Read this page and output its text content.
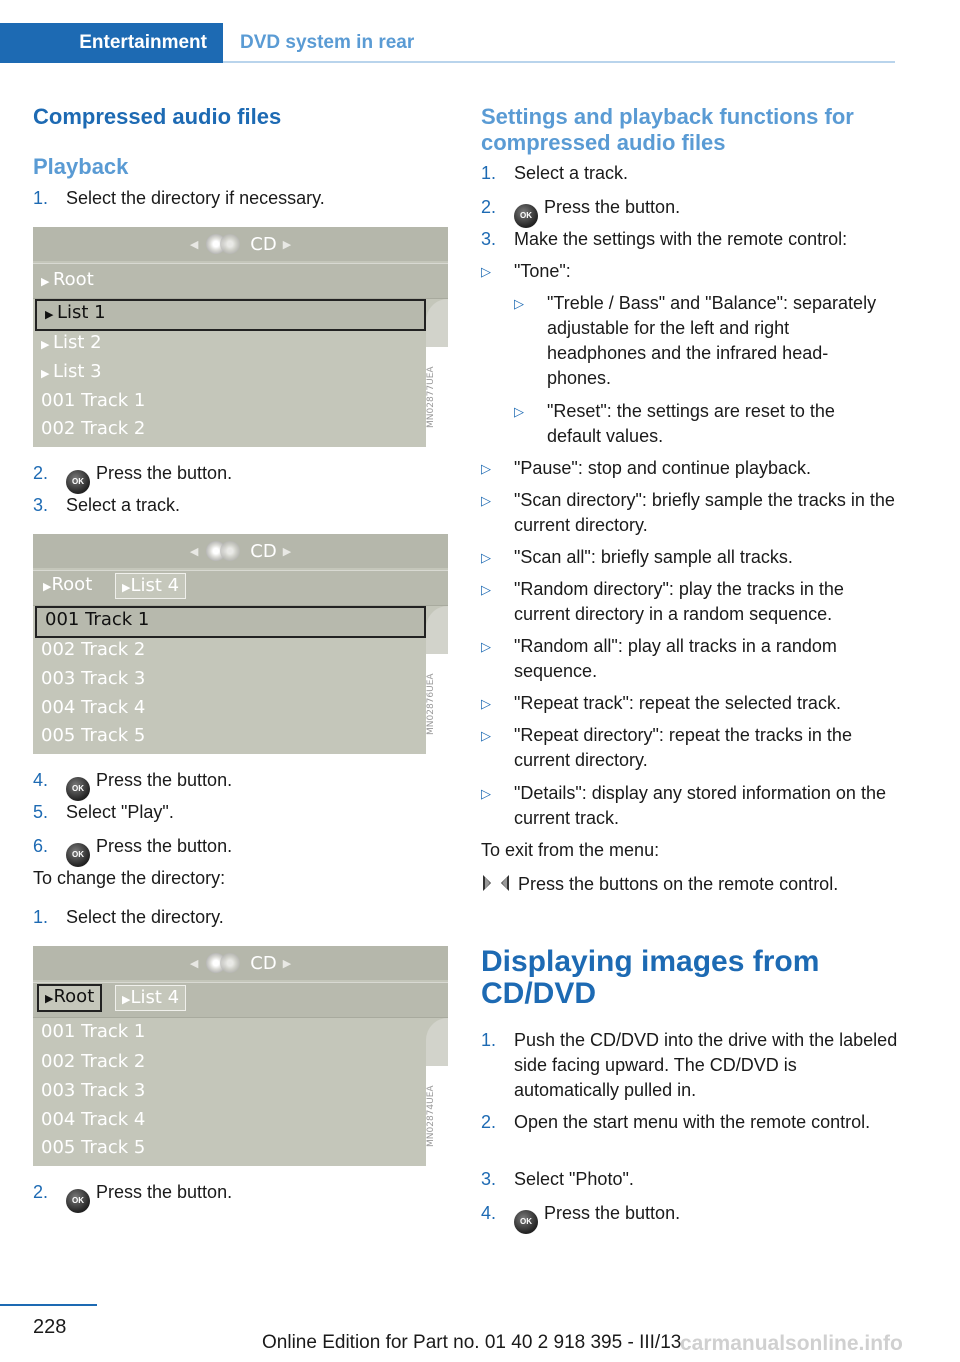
Entertainment	DVD system in rear
Compressed audio files
Playback
1. Select the directory if necessary.
◀	CD ▶
▶ Root
▶ List 1
▶ List 2
▶ List 3
001 Track 1
002 Track 2
MN02877UEA
2.	OK Press the button.
3. Select a track.
◀	CD ▶
▶Root	▶List 4
001 Track 1
002 Track 2
003 Track 3
004 Track 4
005 Track 5
MN02876UEA
4.	OK Press the button.
5. Select "Play".
6.	OK Press the button.
To change the directory:
1. Select the directory.
◀	CD ▶
▶Root	▶List 4
001 Track 1
002 Track 2
003 Track 3
004 Track 4
005 Track 5
MN02874UEA
2.	OK Press the button.
Settings and playback functions for compressed audio files
1. Select a track.
2.	OK Press the button.
3. Make the settings with the remote control:
▷ "Tone":
▷ "Treble / Bass" and "Balance": separately adjustable for the left and right headphones and the infrared headphones.
▷ "Reset": the settings are reset to the default values.
▷ "Pause": stop and continue playback.
▷ "Scan directory": briefly sample the tracks in the current directory.
▷ "Scan all": briefly sample all tracks.
▷ "Random directory": play the tracks in the current directory in a random sequence.
▷ "Random all": play all tracks in a random sequence.
▷ "Repeat track": repeat the selected track.
▷ "Repeat directory": repeat the tracks in the current directory.
▷ "Details": display any stored information on the current track.
To exit from the menu:
Press the buttons on the remote control.
Displaying images from CD/DVD
1. Push the CD/DVD into the drive with the labeled side facing upward. The CD/DVD is automatically pulled in.
2. Open the start menu with the remote control.
3. Select "Photo".
4.	OK Press the button.
228
Online Edition for Part no. 01 40 2 918 395 - III/13
carmanualsonline.info
